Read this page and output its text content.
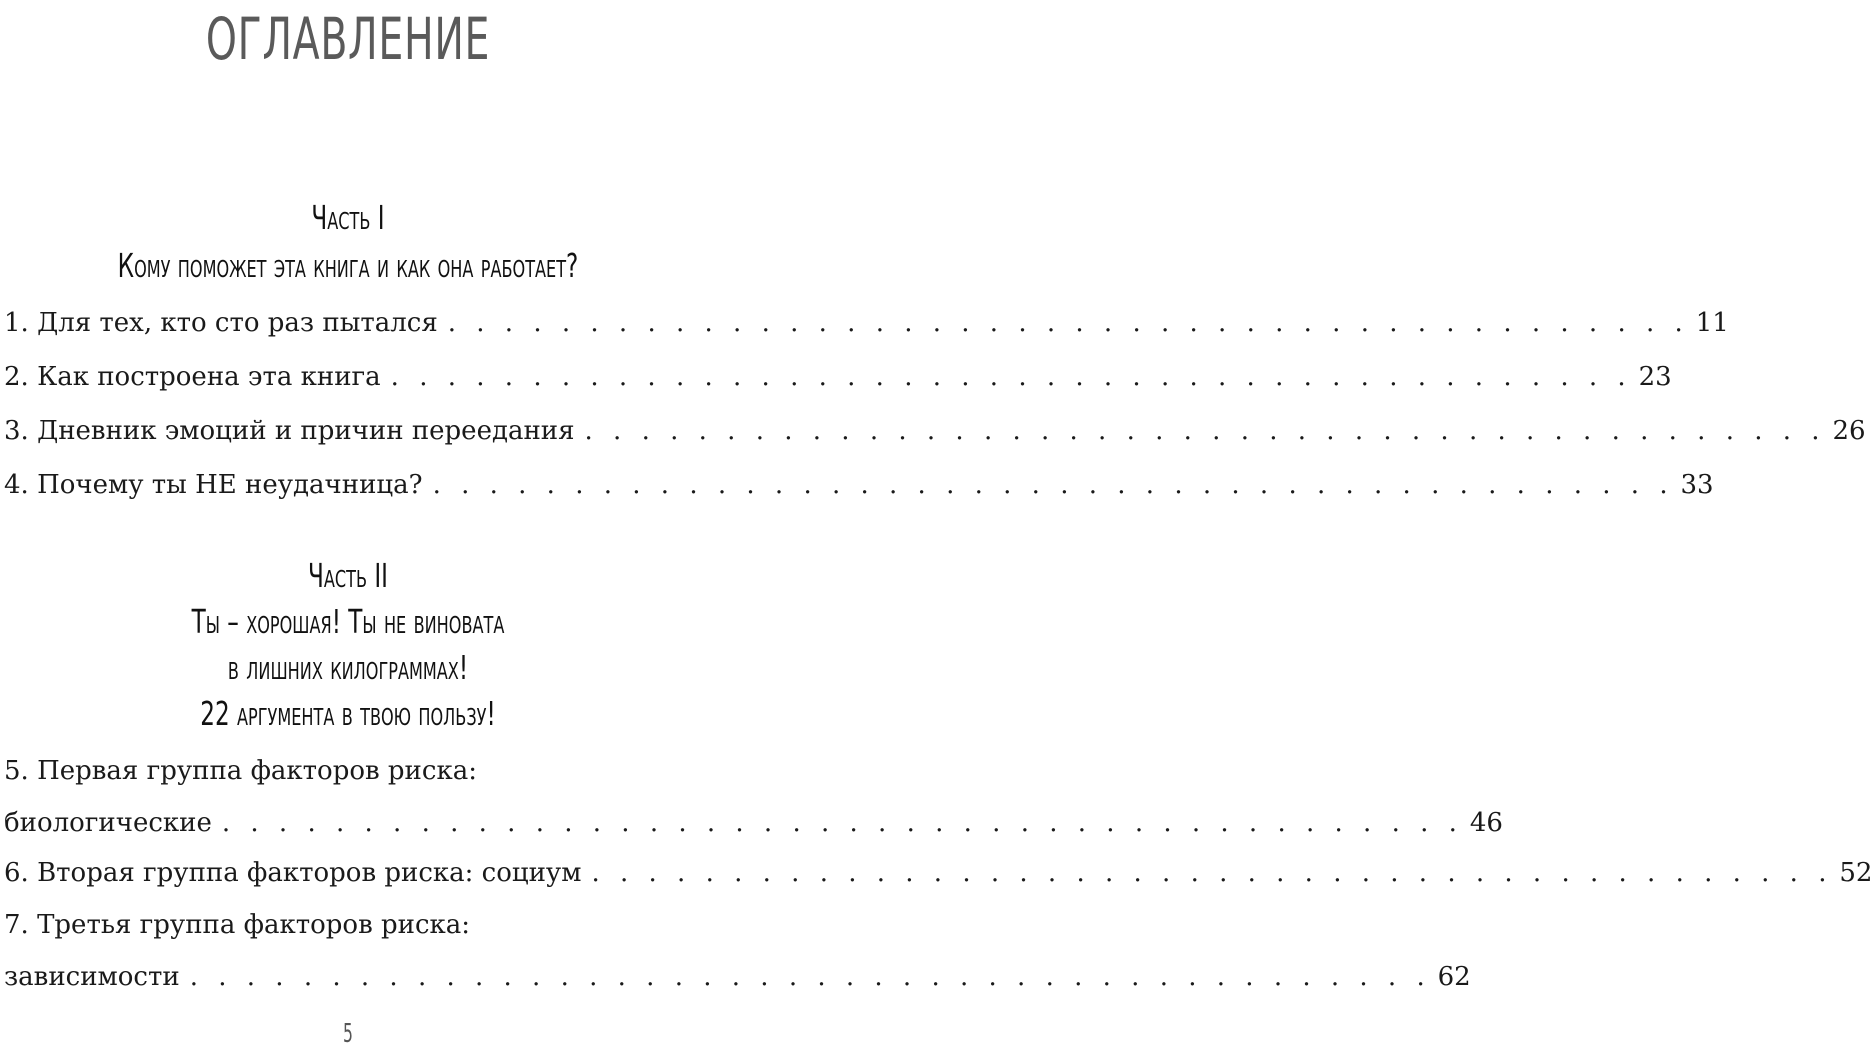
ОГЛАВЛЕНИЕ
Часть I
Кому поможет эта книга и как она работает?
1. Для тех, кто сто раз пытался . . . . . . . . . . . . . . . . . . . . . . . . . . . . . . . . . . . . . . . . . . . . 11
2. Как построена эта книга . . . . . . . . . . . . . . . . . . . . . . . . . . . . . . . . . . . . . . . . . . . . 23
3. Дневник эмоций и причин переедания . . . . . . . . . . . . . . . . . . . . . . . . . . . . . . . . . . . . . . . . . . . . 26
4. Почему ты НЕ неудачница? . . . . . . . . . . . . . . . . . . . . . . . . . . . . . . . . . . . . . . . . . . . . 33
Часть II
Ты – хорошая! Ты не виновата
в лишних килограммах!
22 аргумента в твою пользу!
5. Первая группа факторов риска:
биологические . . . . . . . . . . . . . . . . . . . . . . . . . . . . . . . . . . . . . . . . . . . . 46
6. Вторая группа факторов риска: социум . . . . . . . . . . . . . . . . . . . . . . . . . . . . . . . . . . . . . . . . . . . . 52
7. Третья группа факторов риска:
зависимости . . . . . . . . . . . . . . . . . . . . . . . . . . . . . . . . . . . . . . . . . . . . 62
5
